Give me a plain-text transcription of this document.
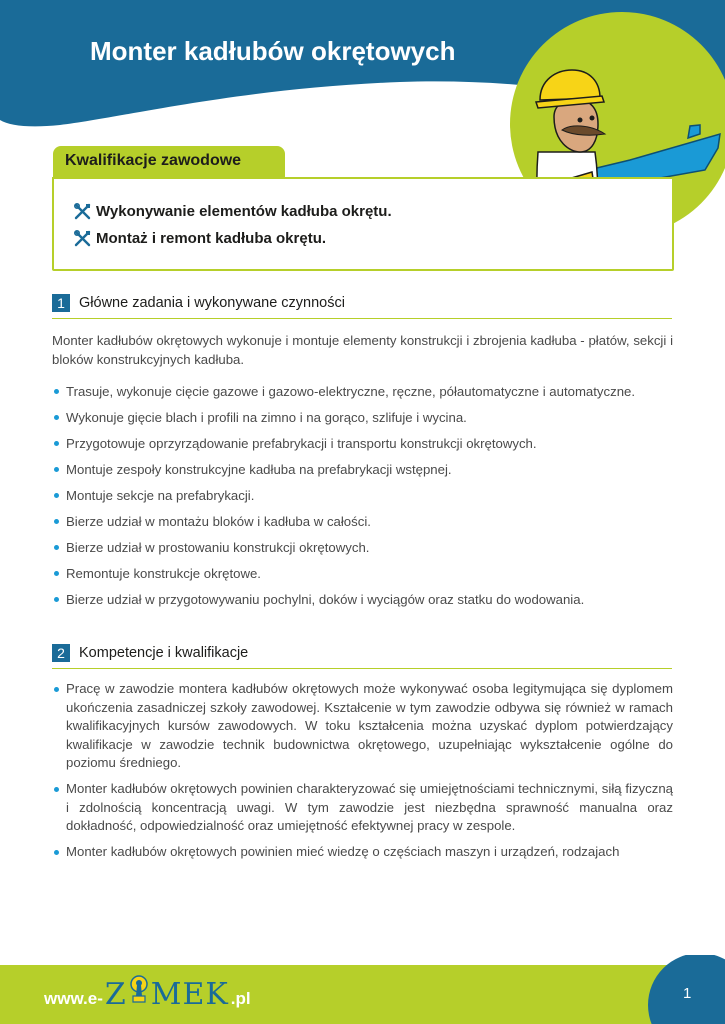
Monter kadłubów okrętowych
Kwalifikacje zawodowe
Wykonywanie elementów kadłuba okrętu.
Montaż i remont kadłuba okrętu.
1 Główne zadania i wykonywane czynności

Monter kadłubów okrętowych wykonuje i montuje elementy konstrukcji i zbrojenia kadłuba - płatów, sekcji i bloków konstrukcyjnych kadłuba.

Trasuje, wykonuje cięcie gazowe i gazowo-elektryczne, ręczne, półautomatyczne i automatyczne.
Wykonuje gięcie blach i profili na zimno i na gorąco, szlifuje i wycina.
Przygotowuje oprzyrządowanie prefabrykacji i transportu konstrukcji okrętowych.
Montuje zespoły konstrukcyjne kadłuba na prefabrykacji wstępnej.
Montuje sekcje na prefabrykacji.
Bierze udział w montażu bloków i kadłuba w całości.
Bierze udział w prostowaniu konstrukcji okrętowych.
Remontuje konstrukcje okrętowe.
Bierze udział w przygotowywaniu pochylni, doków i wyciągów oraz statku do wodowania.
2 Kompetencje i kwalifikacje
Pracę w zawodzie montera kadłubów okrętowych może wykonywać osoba legitymująca się dyplomem ukończenia zasadniczej szkoły zawodowej. Kształcenie w tym zawodzie odbywa się również w ramach kwalifikacyjnych kursów zawodowych. W toku kształcenia można uzyskać dyplom potwierdzający kwalifikacje w zawodzie technik budownictwa okrętowego, uzupełniając wykształcenie ogólne do poziomu średniego.
Monter kadłubów okrętowych powinien charakteryzować się umiejętnościami technicznymi, siłą fizyczną i zdolnością koncentracją uwagi. W tym zawodzie jest niezbędna sprawność manualna oraz dokładność, odpowiedzialność oraz umiejętność efektywnej pracy w zespole.
Monter kadłubów okrętowych powinien mieć wiedzę o częściach maszyn i urządzeń, rodzajach
www.e- Z MEK .pl	1
